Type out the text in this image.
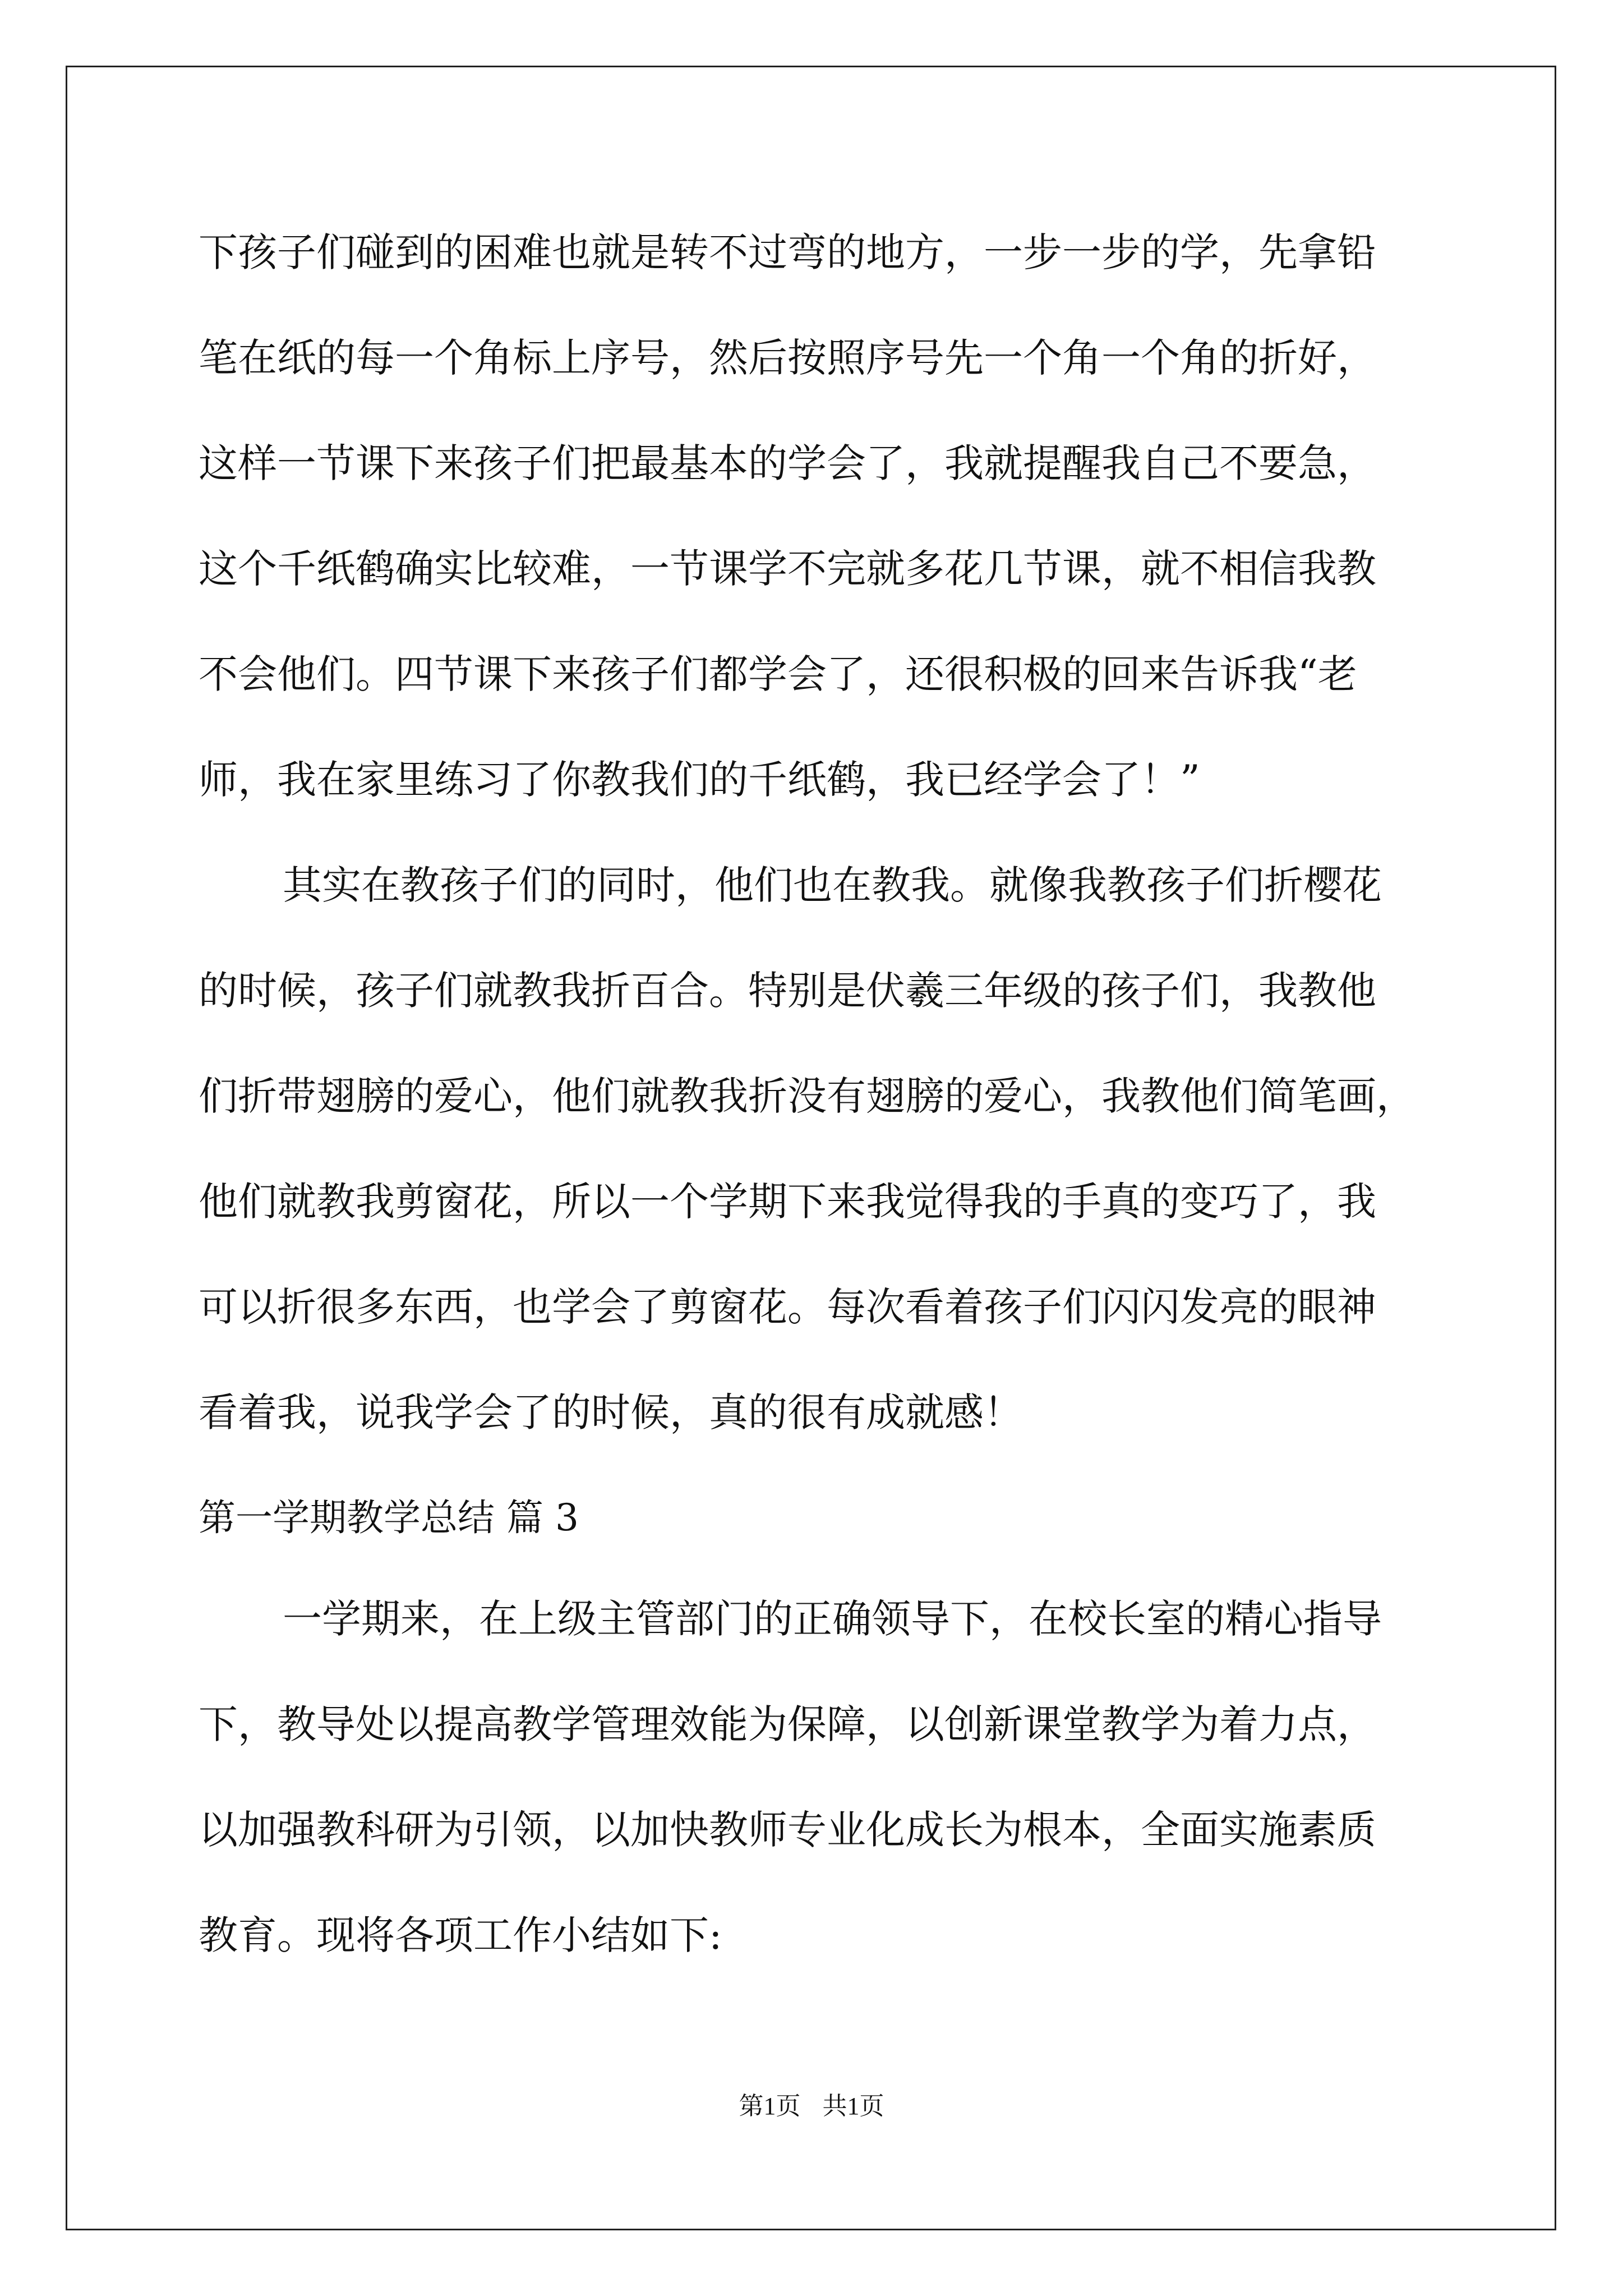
下孩子们碰到的困难也就是转不过弯的地方，一步一步的学，先拿铅
笔在纸的每一个角标上序号，然后按照序号先一个角一个角的折好，
这样一节课下来孩子们把最基本的学会了，我就提醒我自己不要急，
这个千纸鹤确实比较难，一节课学不完就多花几节课，就不相信我教
不会他们。四节课下来孩子们都学会了，还很积极的回来告诉我“老
师，我在家里练习了你教我们的千纸鹤，我已经学会了！”
其实在教孩子们的同时，他们也在教我。就像我教孩子们折樱花
的时候，孩子们就教我折百合。特别是伏羲三年级的孩子们，我教他
们折带翅膀的爱心，他们就教我折没有翅膀的爱心，我教他们简笔画，
他们就教我剪窗花，所以一个学期下来我觉得我的手真的变巧了，我
可以折很多东西，也学会了剪窗花。每次看着孩子们闪闪发亮的眼神
看着我，说我学会了的时候，真的很有成就感！
第一学期教学总结 篇 3
一学期来，在上级主管部门的正确领导下，在校长室的精心指导
下，教导处以提高教学管理效能为保障，以创新课堂教学为着力点，
以加强教科研为引领，以加快教师专业化成长为根本，全面实施素质
教育。现将各项工作小结如下:
第1页 共1页
